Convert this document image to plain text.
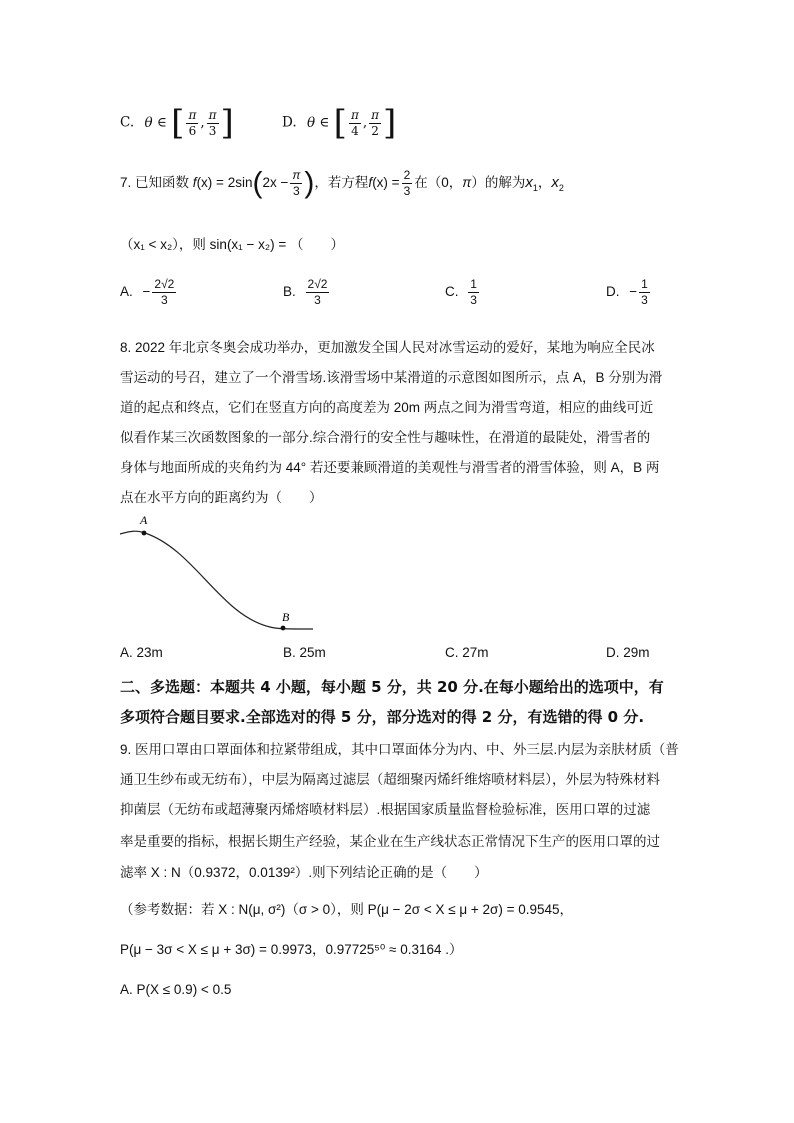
C. θ ∈ [ $\frac{\pi}{6}$ , $\frac{\pi}{3}$ ]	D. θ ∈ [ $\frac{\pi}{4}$ , $\frac{\pi}{2}$ ]
7. 已知函数 $f(x) = 2\sin(2x - \frac{\pi}{3}$ )，若方程$f(x) = \frac{2}{3}$ 在（0，π）的解为$x_1$，$x_2$
（x₁ < x₂），则 sin(x₁ − x₂) = （　　）
A. − $\frac{2√2}{3}$	B. $\frac{2√2}{3}$	C. $\frac{1}{3}$	D. − $\frac{1}{3}$
8. 2022 年北京冬奥会成功举办，更加激发全国人民对冰雪运动的爱好，某地为响应全民冰
雪运动的号召，建立了一个滑雪场.该滑雪场中某滑道的示意图如图所示，点 A，B 分别为滑
道的起点和终点，它们在竖直方向的高度差为 20m 两点之间为滑雪弯道，相应的曲线可近
似看作某三次函数图象的一部分.综合滑行的安全性与趣味性，在滑道的最陡处，滑雪者的
身体与地面所成的夹角约为 44° 若还要兼顾滑道的美观性与滑雪者的滑雪体验，则 A，B 两
点在水平方向的距离约为（　　）
A
B
A. 23m	B. 25m	C. 27m	D. 29m
二、多选题：本题共 4 小题，每小题 5 分，共 20 分.在每小题给出的选项中，有
多项符合题目要求.全部选对的得 5 分，部分选对的得 2 分，有选错的得 0 分.
9. 医用口罩由口罩面体和拉紧带组成，其中口罩面体分为内、中、外三层.内层为亲肤材质（普
通卫生纱布或无纺布），中层为隔离过滤层（超细聚丙烯纤维熔喷材料层），外层为特殊材料
抑菌层（无纺布或超薄聚丙烯熔喷材料层）.根据国家质量监督检验标准，医用口罩的过滤
率是重要的指标，根据长期生产经验，某企业在生产线状态正常情况下生产的医用口罩的过
滤率 X : N（0.9372，0.0139²）.则下列结论正确的是（　　）
（参考数据：若 X : N(μ, σ²)（σ > 0），则 P(μ − 2σ < X ≤ μ + 2σ) = 0.9545，
P(μ − 3σ < X ≤ μ + 3σ) = 0.9973，0.97725⁵⁰ ≈ 0.3164 .）
A. P(X ≤ 0.9) < 0.5
